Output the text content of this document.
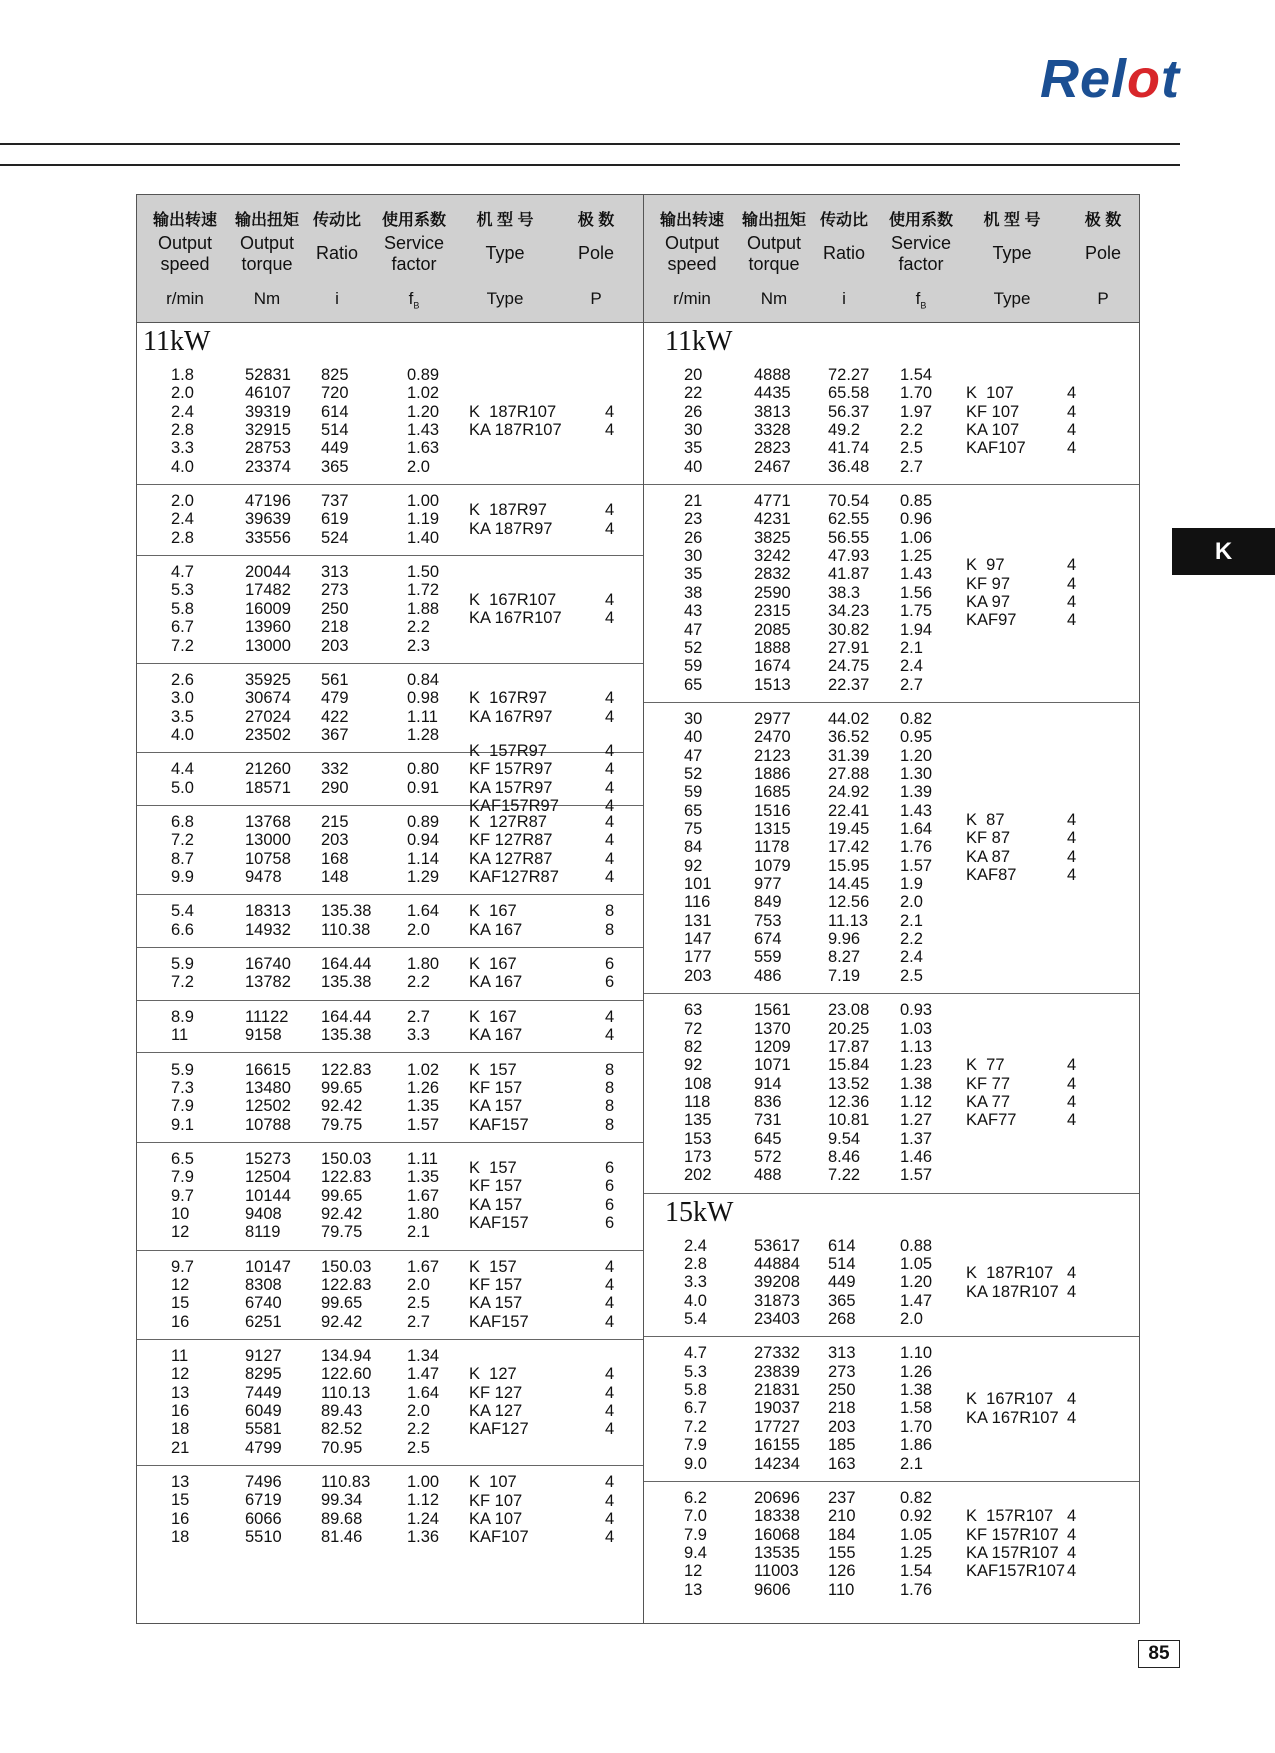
Relot
K
输出转速
Output
speed
r/min
输出扭矩
Output
torque
Nm
传动比
Ratio
i
使用系数
Service
factor
$f_B$
机 型 号
Type
Type
极 数
Pole
P
输出转速
Output
speed
r/min
输出扭矩
Output
torque
Nm
传动比
Ratio
i
使用系数
Service
factor
$f_B$
机 型 号
Type
Type
极 数
Pole
P
11kW
1.8	52831 825	0.89
2.0	46107 720	1.02
2.4	39319 614	1.20
2.8	32915 514	1.43
3.3	28753 449	1.63
4.0	23374 365	2.0
K  187R107	4
KA 187R107	4
2.0	47196 737	1.00
2.4	39639 619	1.19
2.8	33556 524	1.40
K  187R97	4
KA 187R97	4
4.7	20044 313	1.50
5.3	17482 273	1.72
5.8	16009 250	1.88
6.7	13960 218	2.2
7.2	13000 203	2.3
K  167R107	4
KA 167R107	4
2.6	35925 561	0.84
3.0	30674 479	0.98
3.5	27024 422	1.11
4.0	23502 367	1.28
K  167R97	4
KA 167R97	4
4.4	21260 332	0.80
5.0	18571 290	0.91
K  157R97	4
KF 157R97	4
KA 157R97	4
KAF157R97	4
6.8	13768 215	0.89
7.2	13000 203	0.94
8.7	10758 168	1.14
9.9	9478 148	1.29
K  127R87	4
KF 127R87	4
KA 127R87	4
KAF127R87	4
5.4	18313 135.38 1.64
6.6	14932 110.38 2.0
K  167	8
KA 167	8
5.9	16740 164.44 1.80
7.2	13782 135.38 2.2
K  167	6
KA 167	6
8.9	11122 164.44 2.7
11	9158 135.38 3.3
K  167	4
KA 167	4
5.9	16615 122.83 1.02
7.3	13480 99.65	1.26
7.9	12502 92.42	1.35
9.1	10788 79.75	1.57
K  157	8
KF 157	8
KA 157	8
KAF157	8
6.5	15273 150.03 1.11
7.9	12504 122.83 1.35
9.7	10144 99.65	1.67
10	9408 92.42	1.80
12	8119 79.75	2.1
K  157	6
KF 157	6
KA 157	6
KAF157	6
9.7	10147 150.03 1.67
12	8308 122.83 2.0
15	6740 99.65	2.5
16	6251 92.42	2.7
K  157	4
KF 157	4
KA 157	4
KAF157	4
11	9127 134.94 1.34
12	8295 122.60 1.47
13	7449 110.13 1.64
16	6049 89.43	2.0
18	5581 82.52	2.2
21	4799 70.95	2.5
K  127	4
KF 127	4
KA 127	4
KAF127	4
13	7496 110.83 1.00
15	6719 99.34	1.12
16	6066 89.68	1.24
18	5510 81.46	1.36
K  107	4
KF 107	4
KA 107	4
KAF107	4
11kW
20	4888 72.27 1.54
22	4435 65.58 1.70
26	3813 56.37 1.97
30	3328 49.2 2.2
35	2823 41.74 2.5
40	2467 36.48 2.7
K  107	4
KF 107	4
KA 107	4
KAF107	4
21	4771 70.54 0.85
23	4231 62.55 0.96
26	3825 56.55 1.06
30	3242 47.93 1.25
35	2832 41.87 1.43
38	2590 38.3 1.56
43	2315 34.23 1.75
47	2085 30.82 1.94
52	1888 27.91 2.1
59	1674 24.75 2.4
65	1513 22.37 2.7
K  97	4
KF 97	4
KA 97	4
KAF97	4
30	2977 44.02 0.82
40	2470 36.52 0.95
47	2123 31.39 1.20
52	1886 27.88 1.30
59	1685 24.92 1.39
65	1516 22.41 1.43
75	1315 19.45 1.64
84	1178 17.42 1.76
92	1079 15.95 1.57
101	977	14.45 1.9
116	849	12.56 2.0
131	753	11.13 2.1
147	674	9.96 2.2
177	559	8.27 2.4
203	486	7.19 2.5
K  87	4
KF 87	4
KA 87	4
KAF87	4
63	1561 23.08 0.93
72	1370 20.25 1.03
82	1209 17.87 1.13
92	1071 15.84 1.23
108	914	13.52 1.38
118	836	12.36 1.12
135	731	10.81 1.27
153	645	9.54 1.37
173	572	8.46 1.46
202	488	7.22 1.57
K  77	4
KF 77	4
KA 77	4
KAF77	4
15kW
2.4	53617 614	0.88
2.8	44884 514	1.05
3.3	39208 449	1.20
4.0	31873 365	1.47
5.4	23403 268	2.0
K  187R107 4
KA 187R107 4
4.7	27332 313	1.10
5.3	23839 273	1.26
5.8	21831 250	1.38
6.7	19037 218	1.58
7.2	17727 203	1.70
7.9	16155 185	1.86
9.0	14234 163	2.1
K  167R107 4
KA 167R107 4
6.2	20696 237	0.82
7.0	18338 210	0.92
7.9	16068 184	1.05
9.4	13535 155	1.25
12	11003 126	1.54
13	9606 110	1.76
K  157R107 4
KF 157R107 4
KA 157R107 4
KAF157R107 4
85
